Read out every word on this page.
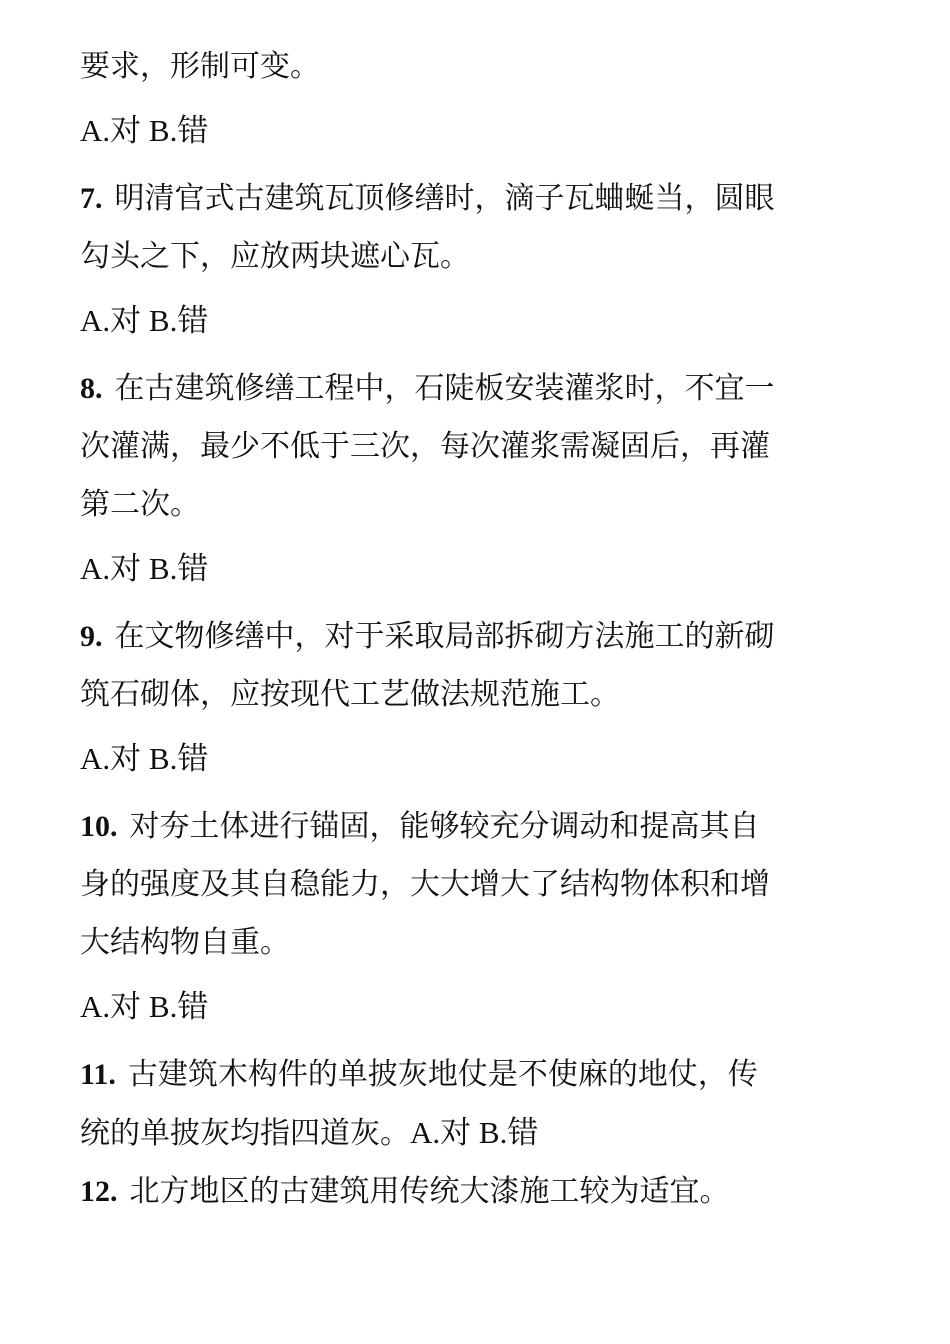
要求，形制可变。

A.对 B.错

7. 明清官式古建筑瓦顶修缮时，滴子瓦蛐蜒当，圆眼

勾头之下，应放两块遮心瓦。

A.对 B.错

8. 在古建筑修缮工程中，石陡板安装灌浆时，不宜一

次灌满，最少不低于三次，每次灌浆需凝固后，再灌

第二次。

A.对 B.错

9. 在文物修缮中，对于采取局部拆砌方法施工的新砌

筑石砌体，应按现代工艺做法规范施工。

A.对 B.错

10. 对夯土体进行锚固，能够较充分调动和提高其自

身的强度及其自稳能力，大大增大了结构物体积和增

大结构物自重。

A.对 B.错

11. 古建筑木构件的单披灰地仗是不使麻的地仗，传

统的单披灰均指四道灰。A.对 B.错

12. 北方地区的古建筑用传统大漆施工较为适宜。
